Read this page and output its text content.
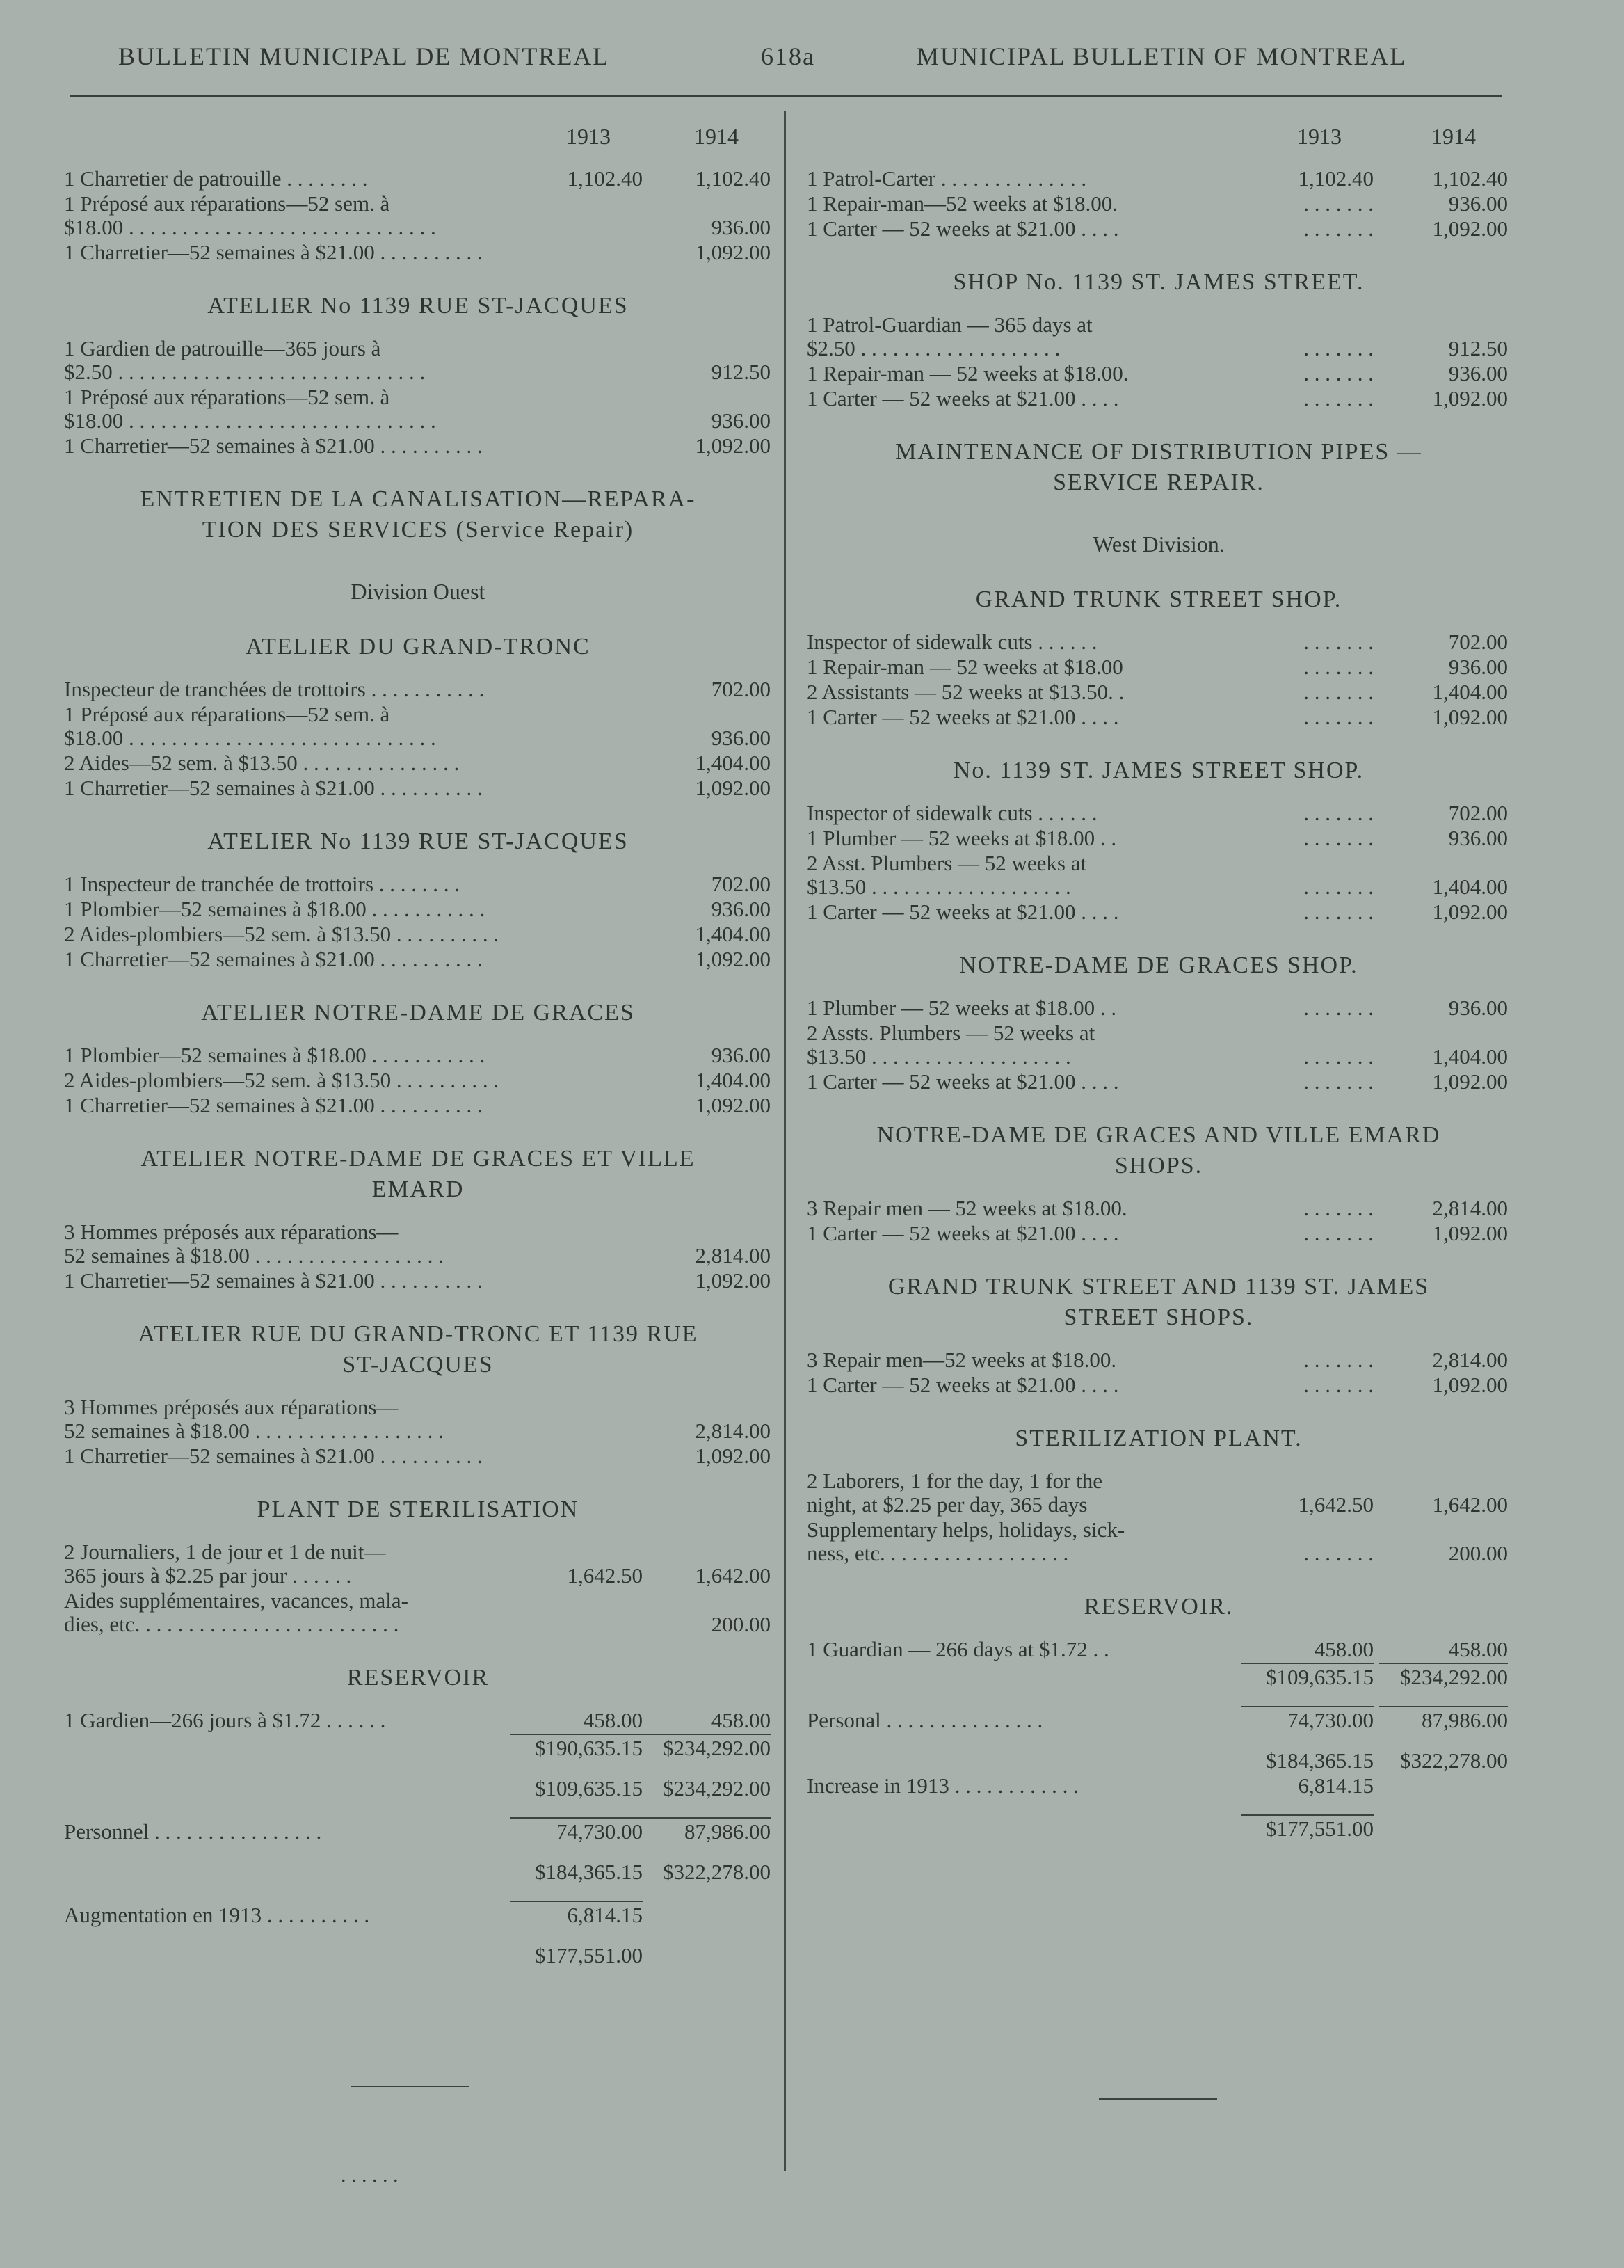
BULLETIN MUNICIPAL DE MONTREAL	618a	MUNICIPAL BULLETIN OF MONTREAL
1913	1914
1 Charretier de patrouille . . . . . . . .	1,102.40 1,102.40
1 Préposé aux réparations—52 sem. à
$18.00 . . . . . . . . . . . . . . . . . . . . . . . . . . . . .	936.00
1 Charretier—52 semaines à $21.00 . . . . . . . . . .	1,092.00
ATELIER No 1139 RUE ST-JACQUES
1 Gardien de patrouille—365 jours à
$2.50 . . . . . . . . . . . . . . . . . . . . . . . . . . . . .	912.50
1 Préposé aux réparations—52 sem. à
$18.00 . . . . . . . . . . . . . . . . . . . . . . . . . . . . .	936.00
1 Charretier—52 semaines à $21.00 . . . . . . . . . .	1,092.00
ENTRETIEN DE LA CANALISATION—REPARA-
TION DES SERVICES (Service Repair)
Division Ouest
ATELIER DU GRAND-TRONC
Inspecteur de tranchées de trottoirs . . . . . . . . . . .	702.00
1 Préposé aux réparations—52 sem. à
$18.00 . . . . . . . . . . . . . . . . . . . . . . . . . . . . .	936.00
2 Aides—52 sem. à $13.50 . . . . . . . . . . . . . . .	1,404.00
1 Charretier—52 semaines à $21.00 . . . . . . . . . .	1,092.00
ATELIER No 1139 RUE ST-JACQUES
1 Inspecteur de tranchée de trottoirs . . . . . . . .	702.00
1 Plombier—52 semaines à $18.00 . . . . . . . . . . .	936.00
2 Aides-plombiers—52 sem. à $13.50 . . . . . . . . . .	1,404.00
1 Charretier—52 semaines à $21.00 . . . . . . . . . .	1,092.00
ATELIER NOTRE-DAME DE GRACES
1 Plombier—52 semaines à $18.00 . . . . . . . . . . .	936.00
2 Aides-plombiers—52 sem. à $13.50 . . . . . . . . . .	1,404.00
1 Charretier—52 semaines à $21.00 . . . . . . . . . .	1,092.00
ATELIER NOTRE-DAME DE GRACES ET VILLE
EMARD
3 Hommes préposés aux réparations—
52 semaines à $18.00 . . . . . . . . . . . . . . . . . .	2,814.00
1 Charretier—52 semaines à $21.00 . . . . . . . . . .	1,092.00
ATELIER RUE DU GRAND-TRONC ET 1139 RUE
ST-JACQUES
3 Hommes préposés aux réparations—
52 semaines à $18.00 . . . . . . . . . . . . . . . . . .	2,814.00
1 Charretier—52 semaines à $21.00 . . . . . . . . . .	1,092.00
PLANT DE STERILISATION
2 Journaliers, 1 de jour et 1 de nuit—
365 jours à $2.25 par jour . . . . . .	1,642.50 1,642.00
Aides supplémentaires, vacances, mala-
dies, etc. . . . . . . . . . . . . . . . . . . . . . . . .	200.00
RESERVOIR
1 Gardien—266 jours à $1.72 . . . . . .	458.00	458.00
$190,635.15 $234,292.00
$109,635.15 $234,292.00
Personnel . . . . . . . . . . . . . . . .	74,730.00 87,986.00
$184,365.15 $322,278.00
Augmentation en 1913 . . . . . . . . . .	6,814.15
$177,551.00
1913	1914
1 Patrol-Carter . . . . . . . . . . . . . .	1,102.40	1,102.40
1 Repair-man—52 weeks at $18.00.	. . . . . . .	936.00
1 Carter — 52 weeks at $21.00 . . . .	. . . . . . .	1,092.00
SHOP No. 1139 ST. JAMES STREET.
1 Patrol-Guardian — 365 days at
$2.50 . . . . . . . . . . . . . . . . . . .	. . . . . . .	912.50
1 Repair-man — 52 weeks at $18.00.	. . . . . . .	936.00
1 Carter — 52 weeks at $21.00 . . . .	. . . . . . .	1,092.00
MAINTENANCE OF DISTRIBUTION PIPES —
SERVICE REPAIR.
West Division.
GRAND TRUNK STREET SHOP.
Inspector of sidewalk cuts . . . . . .	. . . . . . .	702.00
1 Repair-man — 52 weeks at $18.00	. . . . . . .	936.00
2 Assistants — 52 weeks at $13.50. .	. . . . . . .	1,404.00
1 Carter — 52 weeks at $21.00 . . . .	. . . . . . .	1,092.00
No. 1139 ST. JAMES STREET SHOP.
Inspector of sidewalk cuts . . . . . .	. . . . . . .	702.00
1 Plumber — 52 weeks at $18.00 . .	. . . . . . .	936.00
2 Asst. Plumbers — 52 weeks at
$13.50 . . . . . . . . . . . . . . . . . . .	. . . . . . .	1,404.00
1 Carter — 52 weeks at $21.00 . . . .	. . . . . . .	1,092.00
NOTRE-DAME DE GRACES SHOP.
1 Plumber — 52 weeks at $18.00 . .	. . . . . . .	936.00
2 Assts. Plumbers — 52 weeks at
$13.50 . . . . . . . . . . . . . . . . . . .	. . . . . . .	1,404.00
1 Carter — 52 weeks at $21.00 . . . .	. . . . . . .	1,092.00
NOTRE-DAME DE GRACES AND VILLE EMARD
SHOPS.
3 Repair men — 52 weeks at $18.00.	. . . . . . .	2,814.00
1 Carter — 52 weeks at $21.00 . . . .	. . . . . . .	1,092.00
GRAND TRUNK STREET AND 1139 ST. JAMES
STREET SHOPS.
3 Repair men—52 weeks at $18.00.	. . . . . . .	2,814.00
1 Carter — 52 weeks at $21.00 . . . .	. . . . . . .	1,092.00
STERILIZATION PLANT.
2 Laborers, 1 for the day, 1 for the
night, at $2.25 per day, 365 days	1,642.50	1,642.00
Supplementary helps, holidays, sick-
ness, etc. . . . . . . . . . . . . . . . . .	. . . . . . .	200.00
RESERVOIR.
1 Guardian — 266 days at $1.72 . .	458.00	458.00
$109,635.15 $234,292.00
Personal . . . . . . . . . . . . . . .	74,730.00 87,986.00
$184,365.15 $322,278.00
Increase in 1913 . . . . . . . . . . . .	6,814.15
$177,551.00
. . . . . .
